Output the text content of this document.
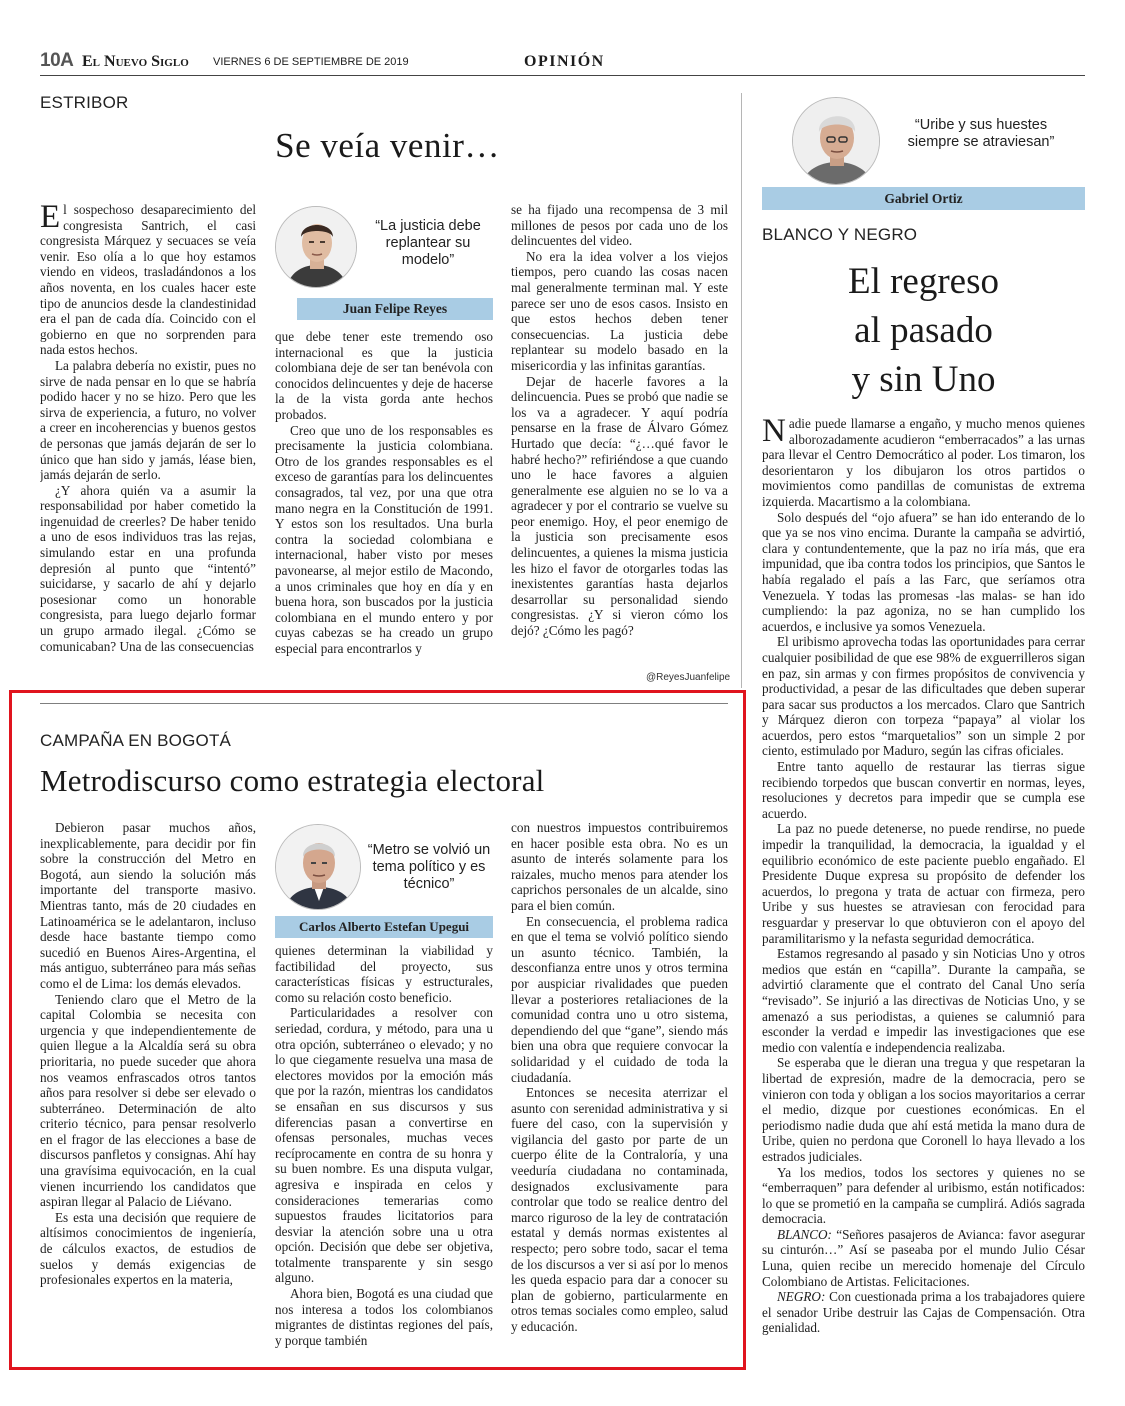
10A El Nuevo Siglo VIERNES 6 DE SEPTIEMBRE DE 2019	OPINIÓN
ESTRIBOR
Se veía venir…

El sospechoso desaparecimiento del congresista Santrich, el casi congresista Márquez y secuaces se veía venir. Eso olía a lo que hoy estamos viendo en videos, trasladándonos a los años noventa, en los cuales hacer este tipo de anuncios desde la clandestinidad era el pan de cada día. Coincido con el gobierno en que no sorprenden para nada estos hechos.

La palabra debería no existir, pues no sirve de nada pensar en lo que se habría podido hacer y no se hizo. Pero que les sirva de experiencia, a futuro, no volver a creer en incoherencias y buenos gestos de personas que jamás dejarán de ser lo único que han sido y jamás, léase bien, jamás dejarán de serlo.

¿Y ahora quién va a asumir la responsabilidad por haber cometido la ingenuidad de creerles? De haber tenido a uno de esos individuos tras las rejas, simulando estar en una profunda depresión al punto que “intentó” suicidarse, y sacarlo de ahí y dejarlo posesionar como un honorable congresista, para luego dejarlo formar un grupo armado ilegal. ¿Cómo se comunicaban? Una de las consecuencias

“La justicia debe replantear su modelo”
Juan Felipe Reyes

que debe tener este tremendo oso internacional es que la justicia colombiana deje de ser tan benévola con conocidos delincuentes y deje de hacerse la de la vista gorda ante hechos probados.

Creo que uno de los responsables es precisamente la justicia colombiana. Otro de los grandes responsables es el exceso de garantías para los delincuentes consagrados, tal vez, por una que otra mano negra en la Constitución de 1991. Y estos son los resultados. Una burla contra la sociedad colombiana e internacional, haber visto por meses pavonearse, al mejor estilo de Macondo, a unos criminales que hoy en día y en buena hora, son buscados por la justicia colombiana en el mundo entero y por cuyas cabezas se ha creado un grupo especial para encontrarlos y

se ha fijado una recompensa de 3 mil millones de pesos por cada uno de los delincuentes del video.

No era la idea volver a los viejos tiempos, pero cuando las cosas nacen mal generalmente terminan mal. Y este parece ser uno de esos casos. Insisto en que estos hechos deben tener consecuencias. La justicia debe replantear su modelo basado en la misericordia y las infinitas garantías.

Dejar de hacerle favores a la delincuencia. Pues se probó que nadie se los va a agradecer. Y aquí podría pensarse en la frase de Álvaro Gómez Hurtado que decía: “¿…qué favor le habré hecho?” refiriéndose a que cuando uno le hace favores a alguien generalmente ese alguien no se lo va a agradecer y por el contrario se vuelve su peor enemigo. Hoy, el peor enemigo de la justicia son precisamente esos delincuentes, a quienes la misma justicia les hizo el favor de otorgarles todas las inexistentes garantías hasta dejarlos desarrollar su personalidad siendo congresistas. ¿Y si vieron cómo los dejó? ¿Cómo les pagó?

@ReyesJuanfelipe
“Uribe y sus huestes siempre se atraviesan”
Gabriel Ortiz
BLANCO Y NEGRO
El regreso
al pasado
y sin Uno

Nadie puede llamarse a engaño, y mucho menos quienes alborozadamente acudieron “emberracados” a las urnas para llevar el Centro Democrático al poder. Los timaron, los desorientaron y los dibujaron los otros partidos o movimientos como pandillas de comunistas de extrema izquierda. Macartismo a la colombiana.

Solo después del “ojo afuera” se han ido enterando de lo que ya se nos vino encima. Durante la campaña se advirtió, clara y contundentemente, que la paz no iría más, que era impunidad, que iba contra todos los principios, que Santos le había regalado el país a las Farc, que seríamos otra Venezuela. Y todas las promesas -las malas- se han ido cumpliendo: la paz agoniza, no se han cumplido los acuerdos, e inclusive ya somos Venezuela.

El uribismo aprovecha todas las oportunidades para cerrar cualquier posibilidad de que ese 98% de exguerrilleros sigan en paz, sin armas y con firmes propósitos de convivencia y productividad, a pesar de las dificultades que deben superar para sacar sus productos a los mercados. Claro que Santrich y Márquez dieron con torpeza “papaya” al violar los acuerdos, pero estos “marquetalios” son un simple 2 por ciento, estimulado por Maduro, según las cifras oficiales.

Entre tanto aquello de restaurar las tierras sigue recibiendo torpedos que buscan convertir en normas, leyes, resoluciones y decretos para impedir que se cumpla ese acuerdo.

La paz no puede detenerse, no puede rendirse, no puede impedir la tranquilidad, la democracia, la igualdad y el equilibrio económico de este paciente pueblo engañado. El Presidente Duque expresa su propósito de defender los acuerdos, lo pregona y trata de actuar con firmeza, pero Uribe y sus huestes se atraviesan con ferocidad para resguardar y preservar lo que obtuvieron con el apoyo del paramilitarismo y la nefasta seguridad democrática.

Estamos regresando al pasado y sin Noticias Uno y otros medios que están en “capilla”. Durante la campaña, se advirtió claramente que el contrato del Canal Uno sería “revisado”. Se injurió a las directivas de Noticias Uno, y se amenazó a sus periodistas, a quienes se calumnió para esconder la verdad e impedir las investigaciones que ese medio con valentía e independencia realizaba.

Se esperaba que le dieran una tregua y que respetaran la libertad de expresión, madre de la democracia, pero se vinieron con toda y obligan a los socios mayoritarios a cerrar el medio, dizque por cuestiones económicas. En el periodismo nadie duda que ahí está metida la mano dura de Uribe, quien no perdona que Coronell lo haya llevado a los estrados judiciales.

Ya los medios, todos los sectores y quienes no se “emberraquen” para defender al uribismo, están notificados: lo que se prometió en la campaña se cumplirá. Adiós sagrada democracia.

BLANCO: “Señores pasajeros de Avianca: favor asegurar su cinturón…” Así se paseaba por el mundo Julio César Luna, quien recibe un merecido homenaje del Círculo Colombiano de Artistas. Felicitaciones.

NEGRO: Con cuestionada prima a los trabajadores quiere el senador Uribe destruir las Cajas de Compensación. Otra genialidad.

CAMPAÑA EN BOGOTÁ
Metrodiscurso como estrategia electoral

Debieron pasar muchos años, inexplicablemente, para decidir por fin sobre la construcción del Metro en Bogotá, aun siendo la solución más importante del transporte masivo. Mientras tanto, más de 20 ciudades en Latinoamérica se le adelantaron, incluso desde hace bastante tiempo como sucedió en Buenos Aires-Argentina, el más antiguo, subterráneo para más señas como el de Lima: los demás elevados.

Teniendo claro que el Metro de la capital Colombia se necesita con urgencia y que independientemente de quien llegue a la Alcaldía será su obra prioritaria, no puede suceder que ahora nos veamos enfrascados otros tantos años para resolver si debe ser elevado o subterráneo. Determinación de alto criterio técnico, para pensar resolverlo en el fragor de las elecciones a base de discursos panfletos y consignas. Ahí hay una gravísima equivocación, en la cual vienen incurriendo los candidatos que aspiran llegar al Palacio de Liévano.

Es esta una decisión que requiere de altísimos conocimientos de ingeniería, de cálculos exactos, de estudios de suelos y demás exigencias de profesionales expertos en la materia,

“Metro se volvió un tema político y es técnico”
Carlos Alberto Estefan Upegui

quienes determinan la viabilidad y factibilidad del proyecto, sus características físicas y estructurales, como su relación costo beneficio.

Particularidades a resolver con seriedad, cordura, y método, para una u otra opción, subterráneo o elevado; y no lo que ciegamente resuelva una masa de electores movidos por la emoción más que por la razón, mientras los candidatos se ensañan en sus discursos y sus diferencias pasan a convertirse en ofensas personales, muchas veces recíprocamente en contra de su honra y su buen nombre. Es una disputa vulgar, agresiva e inspirada en celos y consideraciones temerarias como supuestos fraudes licitatorios para desviar la atención sobre una u otra opción. Decisión que debe ser objetiva, totalmente transparente y sin sesgo alguno.

Ahora bien, Bogotá es una ciudad que nos interesa a todos los colombianos migrantes de distintas regiones del país, y porque también

con nuestros impuestos contribuiremos en hacer posible esta obra. No es un asunto de interés solamente para los raizales, mucho menos para atender los caprichos personales de un alcalde, sino para el bien común.

En consecuencia, el problema radica en que el tema se volvió político siendo un asunto técnico. También, la desconfianza entre unos y otros termina por auspiciar rivalidades que pueden llevar a posteriores retaliaciones de la comunidad contra uno u otro sistema, dependiendo del que “gane”, siendo más bien una obra que requiere convocar la solidaridad y el cuidado de toda la ciudadanía.

Entonces se necesita aterrizar el asunto con serenidad administrativa y si fuere del caso, con la supervisión y vigilancia del gasto por parte de un cuerpo élite de la Contraloría, y una veeduría ciudadana no contaminada, designados exclusivamente para controlar que todo se realice dentro del marco riguroso de la ley de contratación estatal y demás normas existentes al respecto; pero sobre todo, sacar el tema de los discursos a ver si así por lo menos les queda espacio para dar a conocer su plan de gobierno, particularmente en otros temas sociales como empleo, salud y educación.
